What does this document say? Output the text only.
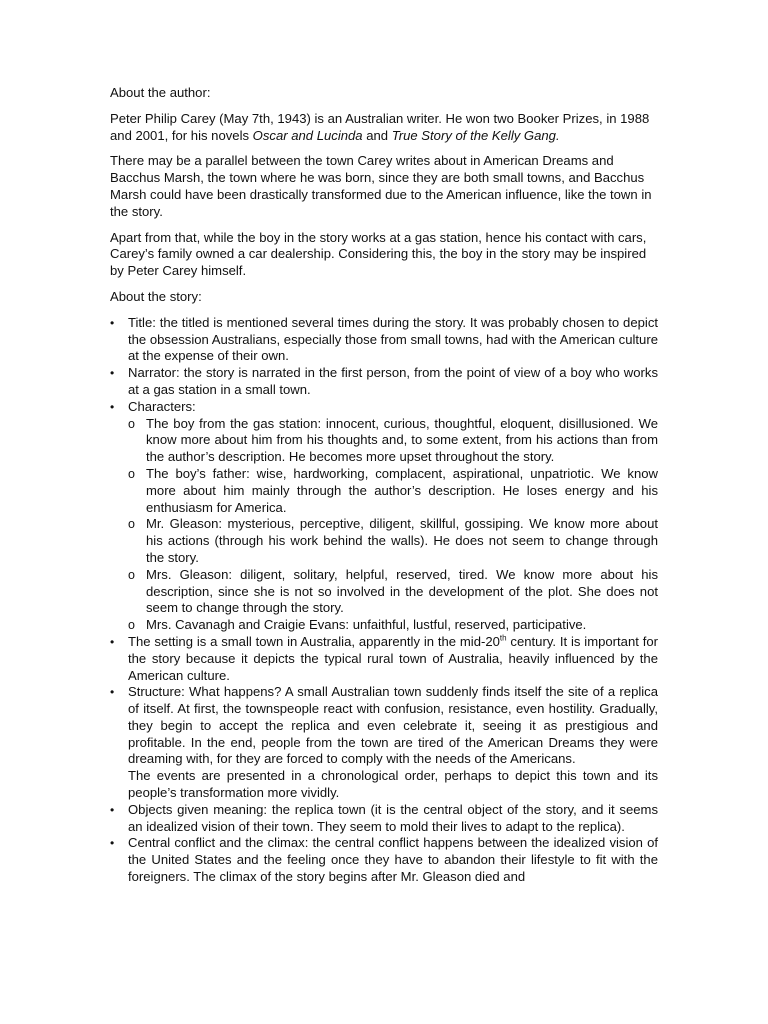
About the author:

Peter Philip Carey (May 7th, 1943) is an Australian writer. He won two Booker Prizes, in 1988 and 2001, for his novels Oscar and Lucinda and True Story of the Kelly Gang.

There may be a parallel between the town Carey writes about in American Dreams and Bacchus Marsh, the town where he was born, since they are both small towns, and Bacchus Marsh could have been drastically transformed due to the American influence, like the town in the story.

Apart from that, while the boy in the story works at a gas station, hence his contact with cars, Carey’s family owned a car dealership. Considering this, the boy in the story may be inspired by Peter Carey himself.

About the story:

•	Title: the titled is mentioned several times during the story. It was probably chosen to depict the obsession Australians, especially those from small towns, had with the American culture at the expense of their own.
•	Narrator: the story is narrated in the first person, from the point of view of a boy who works at a gas station in a small town.
•	Characters:
o The boy from the gas station: innocent, curious, thoughtful, eloquent, disillusioned. We know more about him from his thoughts and, to some extent, from his actions than from the author’s description. He becomes more upset throughout the story.
o The boy’s father: wise, hardworking, complacent, aspirational, unpatriotic. We know more about him mainly through the author’s description. He loses energy and his enthusiasm for America.
o Mr. Gleason: mysterious, perceptive, diligent, skillful, gossiping. We know more about his actions (through his work behind the walls). He does not seem to change through the story.
o Mrs. Gleason: diligent, solitary, helpful, reserved, tired. We know more about his description, since she is not so involved in the development of the plot. She does not seem to change through the story.
o Mrs. Cavanagh and Craigie Evans: unfaithful, lustful, reserved, participative.
•	The setting is a small town in Australia, apparently in the mid-20th century. It is important for the story because it depicts the typical rural town of Australia, heavily influenced by the American culture.
•	Structure: What happens? A small Australian town suddenly finds itself the site of a replica of itself. At first, the townspeople react with confusion, resistance, even hostility. Gradually, they begin to accept the replica and even celebrate it, seeing it as prestigious and profitable. In the end, people from the town are tired of the American Dreams they were dreaming with, for they are forced to comply with the needs of the Americans.
The events are presented in a chronological order, perhaps to depict this town and its people’s transformation more vividly.
•	Objects given meaning: the replica town (it is the central object of the story, and it seems an idealized vision of their town. They seem to mold their lives to adapt to the replica).
•	Central conflict and the climax: the central conflict happens between the idealized vision of the United States and the feeling once they have to abandon their lifestyle to fit with the foreigners. The climax of the story begins after Mr. Gleason died and
